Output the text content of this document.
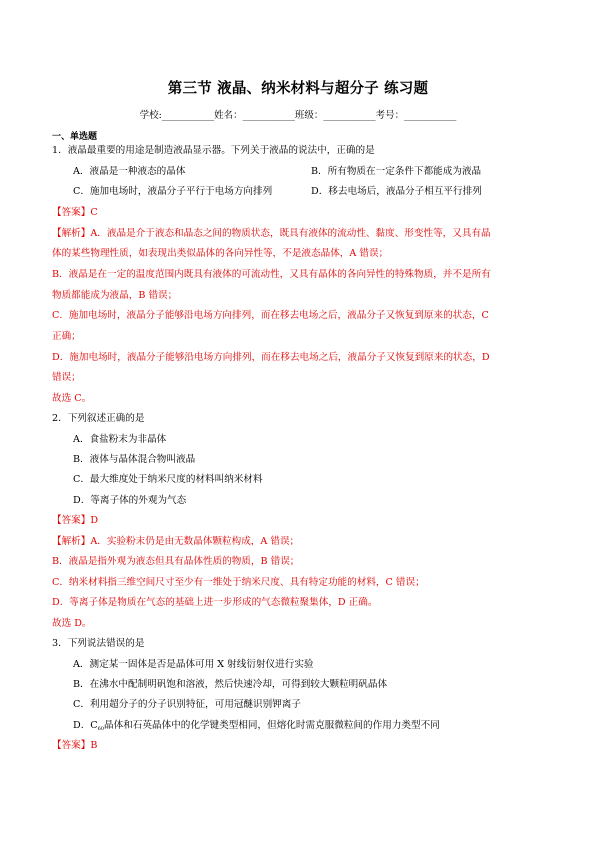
第三节 液晶、纳米材料与超分子 练习题
学校:___________姓名：___________班级：___________考号：___________
一、单选题
1．液晶最重要的用途是制造液晶显示器。下列关于液晶的说法中，正确的是
A．液晶是一种液态的晶体	B．所有物质在一定条件下都能成为液晶
C．施加电场时，液晶分子平行于电场方向排列	D．移去电场后，液晶分子相互平行排列
【答案】C
【解析】A．液晶是介于液态和晶态之间的物质状态，既具有液体的流动性、黏度、形变性等，又具有晶
体的某些物理性质，如表现出类似晶体的各向异性等，不是液态晶体，A 错误；
B．液晶是在一定的温度范围内既具有液体的可流动性，又具有晶体的各向异性的特殊物质，并不是所有
物质都能成为液晶，B 错误；
C．施加电场时，液晶分子能够沿电场方向排列，而在移去电场之后，液晶分子又恢复到原来的状态，C
正确；
D．施加电场时，液晶分子能够沿电场方向排列，而在移去电场之后，液晶分子又恢复到原来的状态，D
错误；
故选 C。
2．下列叙述正确的是
A．食盐粉末为非晶体
B．液体与晶体混合物叫液晶
C．最大维度处于纳米尺度的材料叫纳米材料
D．等离子体的外观为气态
【答案】D
【解析】A．实验粉末仍是由无数晶体颗粒构成，A 错误；
B．液晶是指外观为液态但具有晶体性质的物质，B 错误；
C．纳米材料指三维空间尺寸至少有一维处于纳米尺度、具有特定功能的材料，C 错误；
D．等离子体是物质在气态的基础上进一步形成的气态微粒聚集体，D 正确。
故选 D。
3．下列说法错误的是
A．测定某一固体是否是晶体可用 X 射线衍射仪进行实验
B．在沸水中配制明矾饱和溶液，然后快速冷却，可得到较大颗粒明矾晶体
C．利用超分子的分子识别特征，可用冠醚识别钾离子
D．$C_{60}$晶体和石英晶体中的化学键类型相同，但熔化时需克服微粒间的作用力类型不同
【答案】B
